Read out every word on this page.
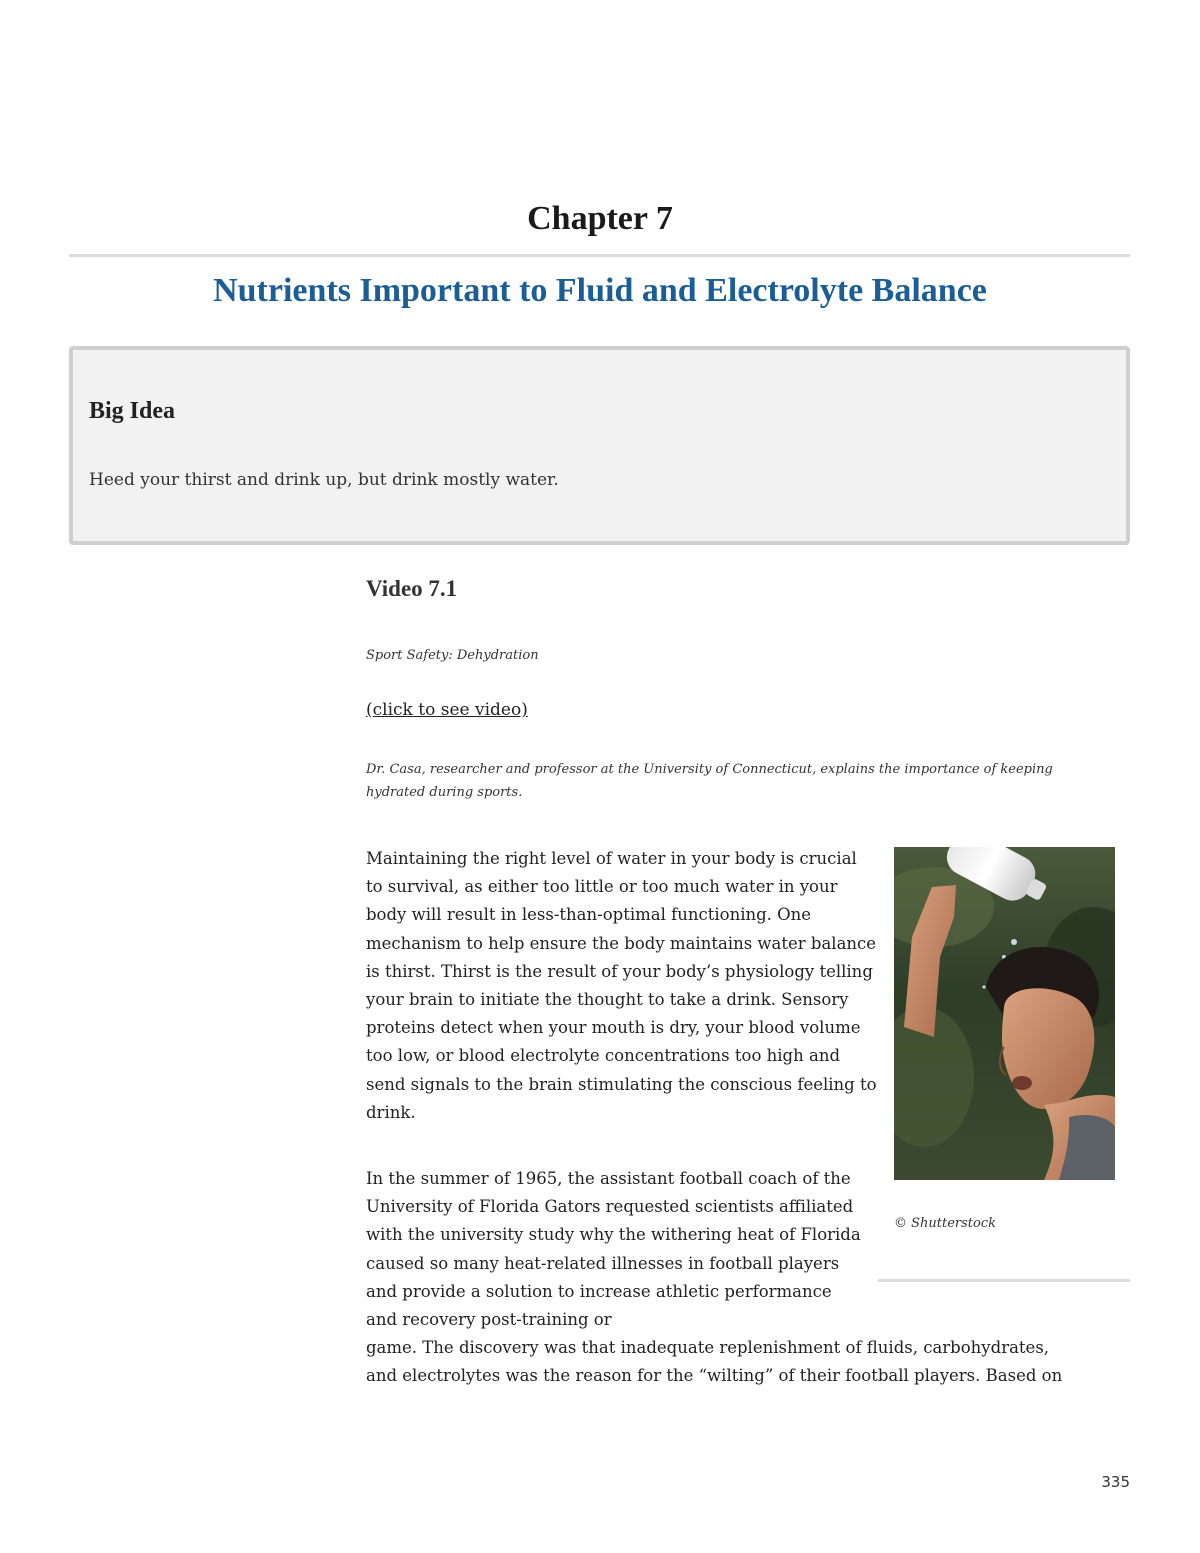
Chapter 7
Nutrients Important to Fluid and Electrolyte Balance
Big Idea

Heed your thirst and drink up, but drink mostly water.

Video 7.1

Sport Safety: Dehydration

(click to see video)

Dr. Casa, researcher and professor at the University of Connecticut, explains the importance of keeping hydrated during sports.

Maintaining the right level of water in your body is crucial to survival, as either too little or too much water in your body will result in less-than-optimal functioning. One mechanism to help ensure the body maintains water balance is thirst. Thirst is the result of your body’s physiology telling your brain to initiate the thought to take a drink. Sensory proteins detect when your mouth is dry, your blood volume too low, or blood electrolyte concentrations too high and send signals to the brain stimulating the conscious feeling to drink.

© Shutterstock

In the summer of 1965, the assistant football coach of the University of Florida Gators requested scientists affiliated with the university study why the withering heat of Florida caused so many heat-related illnesses in football players and provide a solution to increase athletic performance and recovery post-training or

game. The discovery was that inadequate replenishment of fluids, carbohydrates,
and electrolytes was the reason for the “wilting” of their football players. Based on

335
